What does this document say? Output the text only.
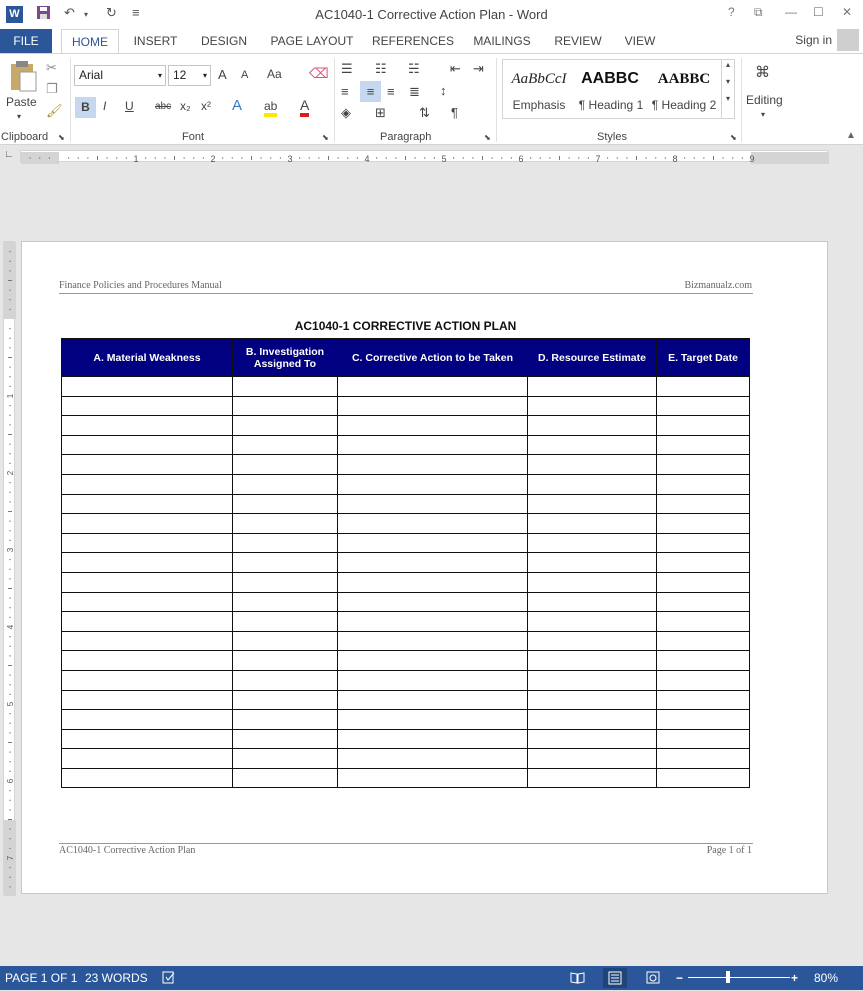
W	↶ ▾ ↻ ≡	AC1040-1 Corrective Action Plan - Word	? ⧉ — ☐ ✕
FILE	HOME	INSERT	DESIGN	PAGE LAYOUT	REFERENCES	MAILINGS	REVIEW	VIEW	Sign in
Paste
▾
✂
❐
🖌
Clipboard ⬊
Arial	▾ 12 ▾ A A Aa ⌫
B	I U abc x₂ x² A ab A
Font	⬊
☰ ☷ ☵ ⇤ ⇥
≡	≡ ≡ ≣ ↕
◈ ⊞	⇅ ¶
Paragraph	⬊
AaBbCcI
Emphasis
AABBC
¶ Heading 1
AABBC
¶ Heading 2
▴
▾
▾
Styles	⬊
⌘
Editing
▾
▲
∟	1	2	3	4	5	6	7	8	9
1
2
3
4
5
6
7
Finance Policies and Procedures Manual	Bizmanualz.com
AC1040-1 CORRECTIVE ACTION PLAN
A. Material Weakness	B. Investigation Assigned To	C. Corrective Action to be Taken	D. Resource Estimate	E. Target Date

AC1040-1 Corrective Action Plan	Page 1 of 1
PAGE 1 OF 1 23 WORDS	−	+ 80%
